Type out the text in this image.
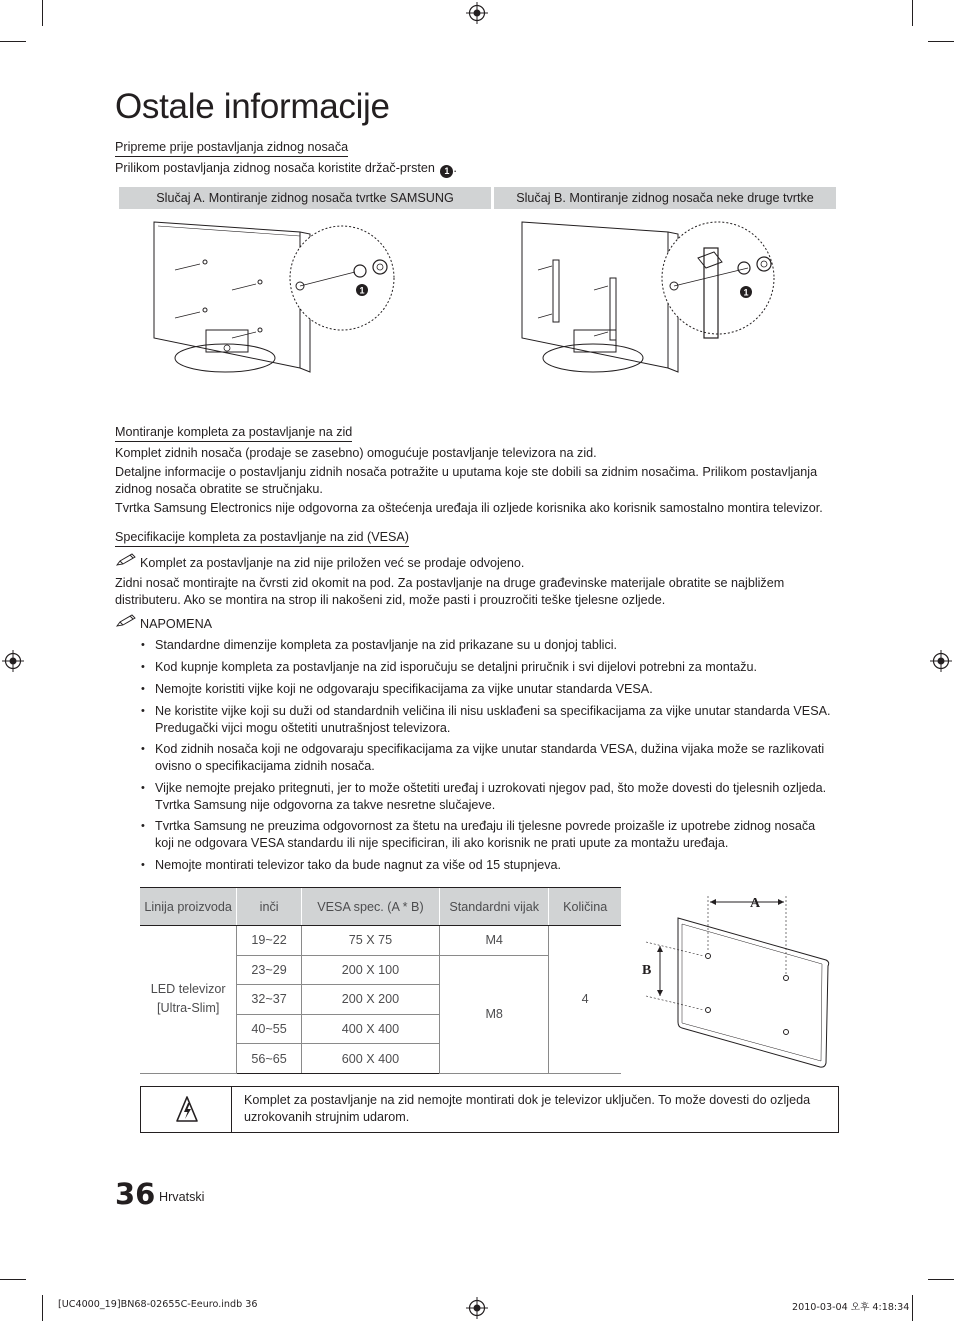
Ostale informacije
Pripreme prije postavljanja zidnog nosača
Prilikom postavljanja zidnog nosača koristite držač-prsten 1 .
Slučaj A. Montiranje zidnog nosača tvrtke SAMSUNG	Slučaj B. Montiranje zidnog nosača neke druge tvrtke
1	1
Montiranje kompleta za postavljanje na zid
Komplet zidnih nosača (prodaje se zasebno) omogućuje postavljanje televizora na zid.
Detaljne informacije o postavljanju zidnih nosača potražite u uputama koje ste dobili sa zidnim nosačima. Prilikom postavljanja zidnog nosača obratite se stručnjaku.
Tvrtka Samsung Electronics nije odgovorna za oštećenja uređaja ili ozljede korisnika ako korisnik samostalno montira televizor.
Specifikacije kompleta za postavljanje na zid (VESA)
Komplet za postavljanje na zid nije priložen već se prodaje odvojeno.
Zidni nosač montirajte na čvrsti zid okomit na pod. Za postavljanje na druge građevinske materijale obratite se najbližem distributeru. Ako se montira na strop ili nakošeni zid, može pasti i prouzročiti teške tjelesne ozljede.
NAPOMENA
• Standardne dimenzije kompleta za postavljanje na zid prikazane su u donjoj tablici.
• Kod kupnje kompleta za postavljanje na zid isporučuju se detaljni priručnik i svi dijelovi potrebni za montažu.
• Nemojte koristiti vijke koji ne odgovaraju specifikacijama za vijke unutar standarda VESA.
• Ne koristite vijke koji su duži od standardnih veličina ili nisu usklađeni sa specifikacijama za vijke unutar standarda VESA. Predugački vijci mogu oštetiti unutrašnjost televizora.
• Kod zidnih nosača koji ne odgovaraju specifikacijama za vijke unutar standarda VESA, dužina vijaka može se razlikovati ovisno o specifikacijama zidnih nosača.
• Vijke nemojte prejako pritegnuti, jer to može oštetiti uređaj i uzrokovati njegov pad, što može dovesti do tjelesnih ozljeda. Tvrtka Samsung nije odgovorna za takve nesretne slučajeve.
• Tvrtka Samsung ne preuzima odgovornost za štetu na uređaju ili tjelesne povrede proizašle iz upotrebe zidnog nosača koji ne odgovara VESA standardu ili nije specificiran, ili ako korisnik ne prati upute za montažu uređaja.
• Nemojte montirati televizor tako da bude nagnut za više od 15 stupnjeva.
Linija proizvoda	inči	VESA spec. (A * B)	Standardni vijak	Količina
LED televizor
[Ultra-Slim]	19~22	75 X 75	M4	4
	23~29	200 X 100	M8	
	32~37	200 X 200		
	40~55	400 X 400		
	56~65	600 X 400		
A
B
Komplet za postavljanje na zid nemojte montirati dok je televizor uključen. To može dovesti do ozljeda uzrokovanih strujnim udarom.
36 Hrvatski
[UC4000_19]BN68-02655C-Eeuro.indb 36	2010-03-04 오후 4:18:34
